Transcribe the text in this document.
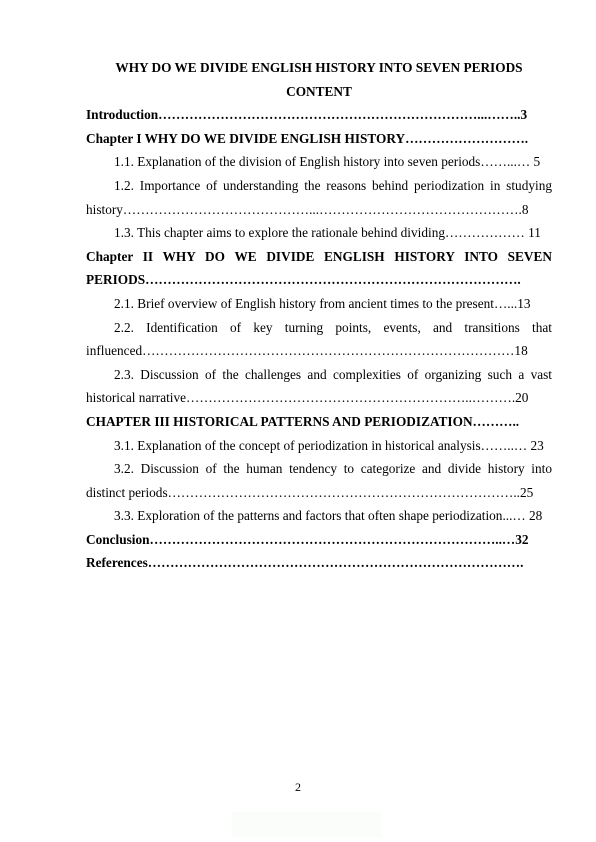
WHY DO WE DIVIDE ENGLISH HISTORY INTO SEVEN PERIODS

CONTENT

Introduction………………………………………………………………...……..3

Chapter I WHY DO WE DIVIDE ENGLISH HISTORY……………………….

1.1. Explanation of the division of English history into seven periods……...… 5

1.2. Importance of understanding the reasons behind periodization in studying history……………………………………...……………………………………….8

1.3. This chapter aims to explore the rationale behind dividing……………… 11

Chapter II WHY DO WE DIVIDE ENGLISH HISTORY INTO SEVEN PERIODS………………………………………………………………………….

2.1. Brief overview of English history from ancient times to the present…...13

2.2. Identification of key turning points, events, and transitions that influenced…………………………………………………………………………18

2.3. Discussion of the challenges and complexities of organizing such a vast historical narrative………………………………………………………..……….20

CHAPTER III HISTORICAL PATTERNS AND PERIODIZATION………..

3.1. Explanation of the concept of periodization in historical analysis……..… 23

3.2. Discussion of the human tendency to categorize and divide history into distinct periods……………………………………………………………………..25

3.3. Exploration of the patterns and factors that often shape periodization...… 28

Conclusion……………………………………………………………………..…32

References………………………………………………………………………….

2
